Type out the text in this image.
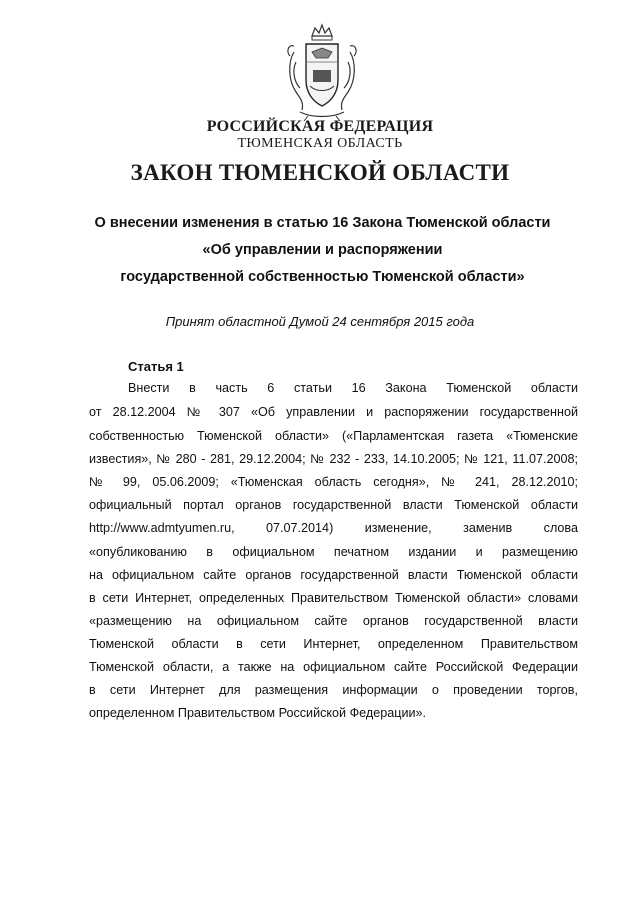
РОССИЙСКАЯ ФЕДЕРАЦИЯ
ТЮМЕНСКАЯ ОБЛАСТЬ
ЗАКОН ТЮМЕНСКОЙ ОБЛАСТИ
О внесении изменения в статью 16 Закона Тюменской области
«Об управлении и распоряжении
государственной собственностью Тюменской области»
Принят областной Думой 24 сентября 2015 года
Статья 1
Внести в часть 6 статьи 16 Закона Тюменской области
от 28.12.2004 № 307 «Об управлении и распоряжении государственной
собственностью Тюменской области» («Парламентская газета «Тюменские
известия», № 280 - 281, 29.12.2004; № 232 - 233, 14.10.2005; № 121, 11.07.2008;
№ 99, 05.06.2009; «Тюменская область сегодня», № 241, 28.12.2010;
официальный портал органов государственной власти Тюменской области
http://www.admtyumen.ru, 07.07.2014) изменение, заменив слова
«опубликованию в официальном печатном издании и размещению
на официальном сайте органов государственной власти Тюменской области
в сети Интернет, определенных Правительством Тюменской области» словами
«размещению на официальном сайте органов государственной власти
Тюменской области в сети Интернет, определенном Правительством
Тюменской области, а также на официальном сайте Российской Федерации
в сети Интернет для размещения информации о проведении торгов,
определенном Правительством Российской Федерации».
